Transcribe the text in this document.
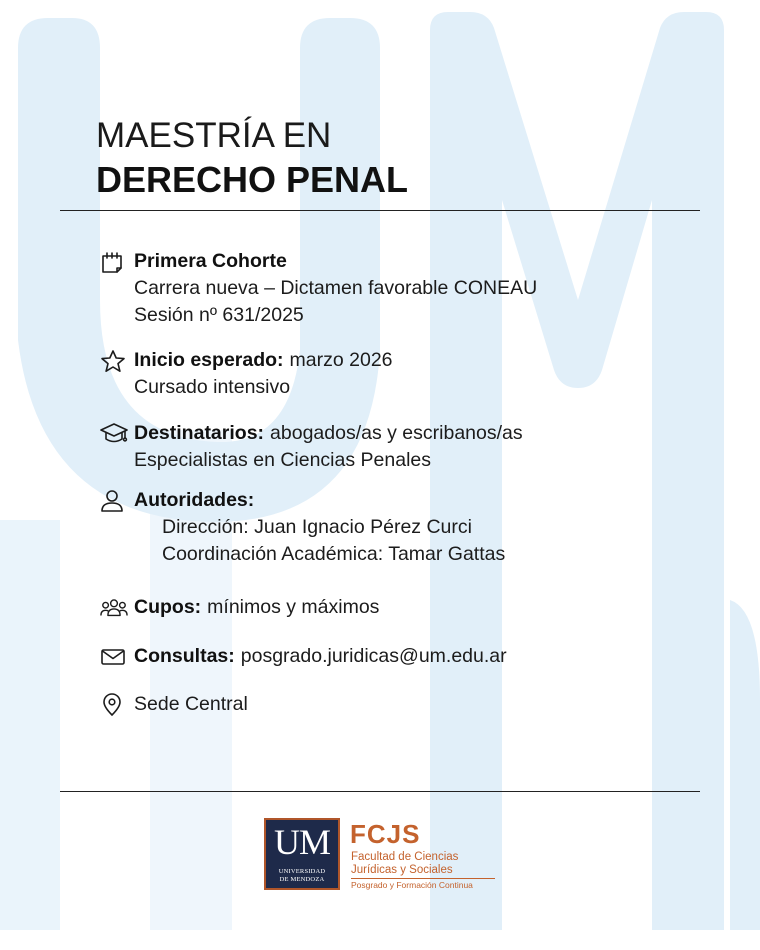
MAESTRÍA EN
DERECHO PENAL
Primera Cohorte
Carrera nueva – Dictamen favorable CONEAU
Sesión nº 631/2025
Inicio esperado: marzo 2026
Cursado intensivo
Destinatarios: abogados/as y escribanos/as
Especialistas en Ciencias Penales
Autoridades:
Dirección: Juan Ignacio Pérez Curci
Coordinación Académica: Tamar Gattas
Cupos: mínimos y máximos
Consultas: posgrado.juridicas@um.edu.ar
Sede Central
UM
UNIVERSIDAD
DE MENDOZA
FCJS
Facultad de Ciencias
Jurídicas y Sociales
Posgrado y Formación Continua
